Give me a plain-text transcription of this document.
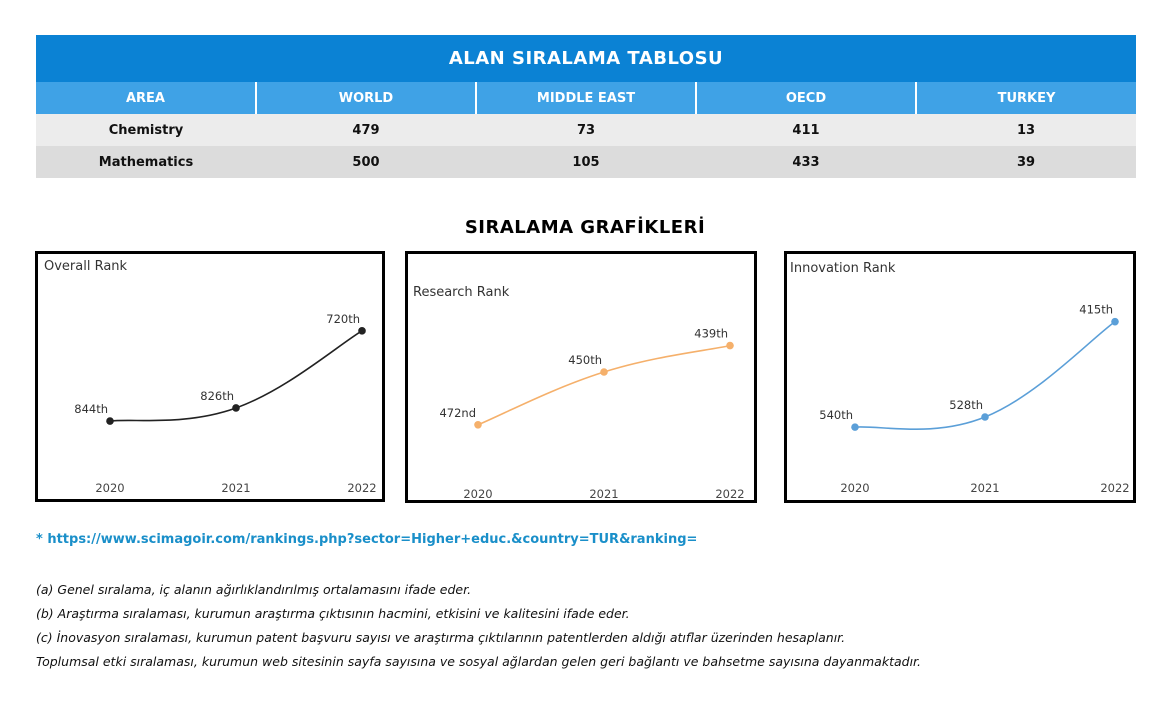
ALAN SIRALAMA TABLOSU				
AREA	WORLD	MIDDLE EAST	OECD	TURKEY
Chemistry	479	73	411	13
Mathematics	500	105	433	39
SIRALAMA GRAFİKLERİ
Overall Rank
844th
2020
826th
2021
720th
2022
Research Rank
472nd
2020
450th
2021
439th
2022
Innovation Rank
540th
2020
528th
2021
415th
2022
* https://www.scimagoir.com/rankings.php?sector=Higher+educ.&country=TUR&ranking=
(a) Genel sıralama, iç alanın ağırlıklandırılmış ortalamasını ifade eder.
(b) Araştırma sıralaması, kurumun araştırma çıktısının hacmini, etkisini ve kalitesini ifade eder.
(c) İnovasyon sıralaması, kurumun patent başvuru sayısı ve araştırma çıktılarının patentlerden aldığı atıflar üzerinden hesaplanır.
Toplumsal etki sıralaması, kurumun web sitesinin sayfa sayısına ve sosyal ağlardan gelen geri bağlantı ve bahsetme sayısına dayanmaktadır.
